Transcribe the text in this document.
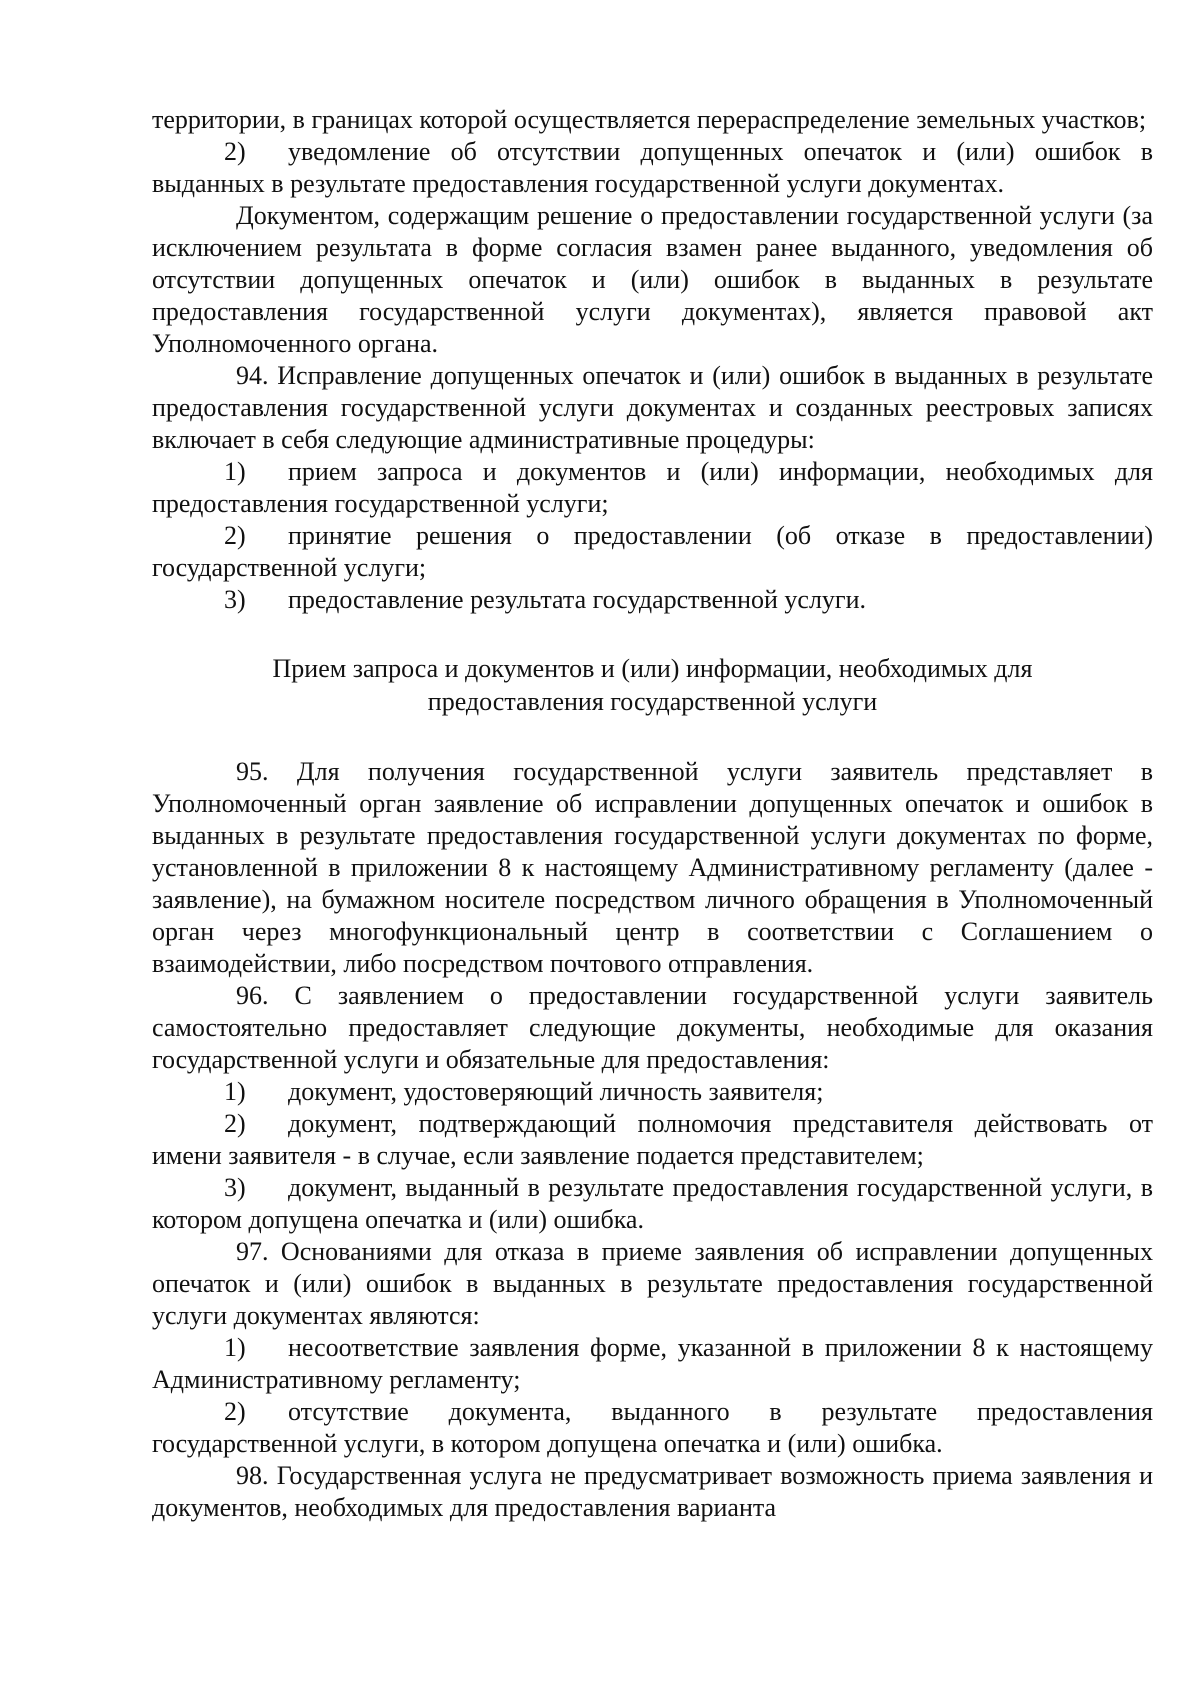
территории, в границах которой осуществляется перераспределение земельных участков;

2) уведомление об отсутствии допущенных опечаток и (или) ошибок в выданных в результате предоставления государственной услуги документах.

Документом, содержащим решение о предоставлении государственной услуги (за исключением результата в форме согласия взамен ранее выданного, уведомления об отсутствии допущенных опечаток и (или) ошибок в выданных в результате предоставления государственной услуги документах), является правовой акт Уполномоченного органа.

94. Исправление допущенных опечаток и (или) ошибок в выданных в результате предоставления государственной услуги документах и созданных реестровых записях включает в себя следующие административные процедуры:

1) прием запроса и документов и (или) информации, необходимых для предоставления государственной услуги;

2) принятие решения о предоставлении (об отказе в предоставлении) государственной услуги;

3) предоставление результата государственной услуги.

Прием запроса и документов и (или) информации, необходимых для
предоставления государственной услуги

95. Для получения государственной услуги заявитель представляет в Уполномоченный орган заявление об исправлении допущенных опечаток и ошибок в выданных в результате предоставления государственной услуги документах по форме, установленной в приложении 8 к настоящему Административному регламенту (далее - заявление), на бумажном носителе посредством личного обращения в Уполномоченный орган через многофункциональный центр в соответствии с Соглашением о взаимодействии, либо посредством почтового отправления.

96. С заявлением о предоставлении государственной услуги заявитель самостоятельно предоставляет следующие документы, необходимые для оказания государственной услуги и обязательные для предоставления:

1) документ, удостоверяющий личность заявителя;

2) документ, подтверждающий полномочия представителя действовать от имени заявителя - в случае, если заявление подается представителем;

3) документ, выданный в результате предоставления государственной услуги, в котором допущена опечатка и (или) ошибка.

97. Основаниями для отказа в приеме заявления об исправлении допущенных опечаток и (или) ошибок в выданных в результате предоставления государственной услуги документах являются:

1) несоответствие заявления форме, указанной в приложении 8 к настоящему Административному регламенту;

2) отсутствие документа, выданного в результате предоставления государственной услуги, в котором допущена опечатка и (или) ошибка.

98. Государственная услуга не предусматривает возможность приема заявления и документов, необходимых для предоставления варианта
